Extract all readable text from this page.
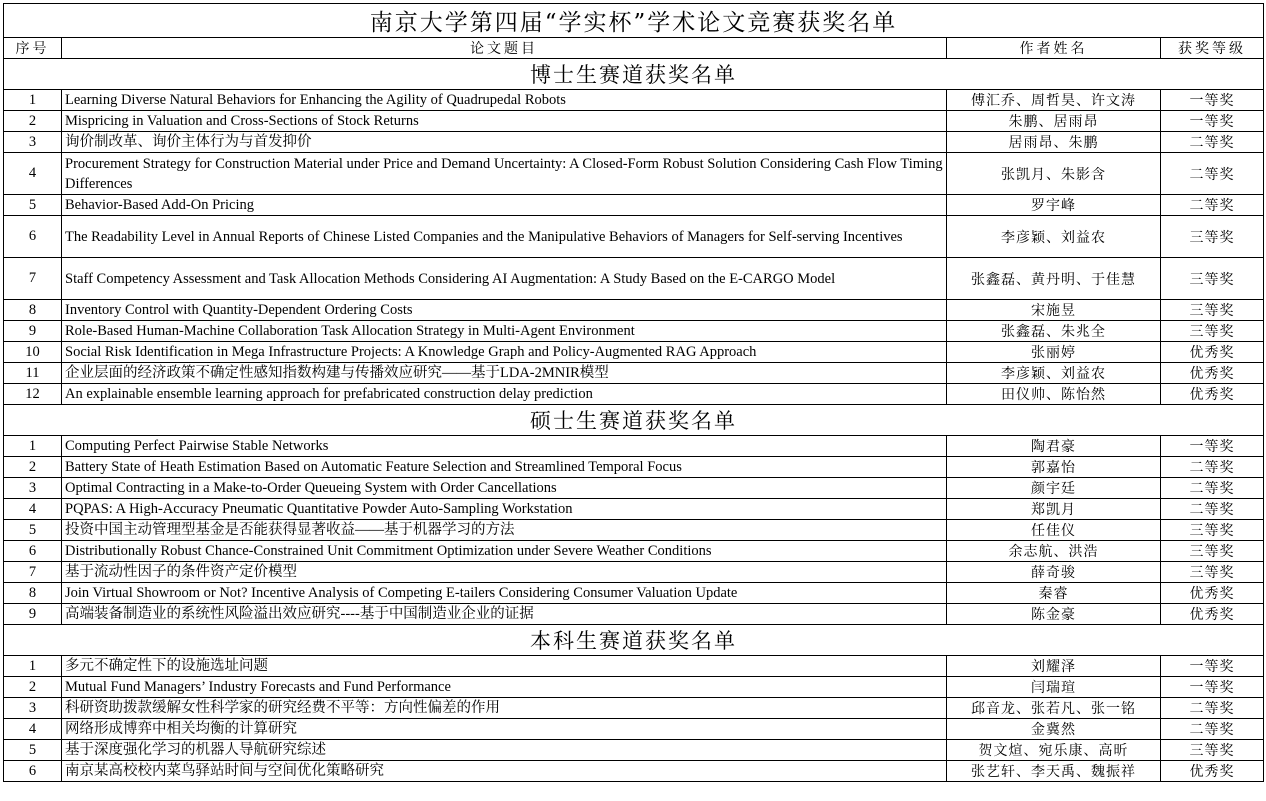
南京大学第四届“学实杯”学术论文竞赛获奖名单			
序号	论文题目	作者姓名	获奖等级
博士生赛道获奖名单			
1	Learning Diverse Natural Behaviors for Enhancing the Agility of Quadrupedal Robots	傅汇乔、周哲昊、许文涛	一等奖
2	Mispricing in Valuation and Cross-Sections of Stock Returns	朱鹏、居雨昂	一等奖
3	询价制改革、询价主体行为与首发抑价	居雨昂、朱鹏	二等奖
4	Procurement Strategy for Construction Material under Price and Demand Uncertainty: A Closed-Form Robust Solution Considering Cash Flow Timing Differences	张凯月、朱影含	二等奖
5	Behavior-Based Add-On Pricing	罗宇峰	二等奖
6	The Readability Level in Annual Reports of Chinese Listed Companies and the Manipulative Behaviors of Managers for Self-serving Incentives	李彦颖、刘益农	三等奖
7	Staff Competency Assessment and Task Allocation Methods Considering AI Augmentation: A Study Based on the E-CARGO Model	张鑫磊、黄丹明、于佳慧	三等奖
8	Inventory Control with Quantity-Dependent Ordering Costs	宋施昱	三等奖
9	Role-Based Human-Machine Collaboration Task Allocation Strategy in Multi-Agent Environment	张鑫磊、朱兆全	三等奖
10	Social Risk Identification in Mega Infrastructure Projects: A Knowledge Graph and Policy-Augmented RAG Approach	张丽婷	优秀奖
11	企业层面的经济政策不确定性感知指数构建与传播效应研究——基于LDA-2MNIR模型	李彦颖、刘益农	优秀奖
12	An explainable ensemble learning approach for prefabricated construction delay prediction	田仪帅、陈怡然	优秀奖
硕士生赛道获奖名单			
1	Computing Perfect Pairwise Stable Networks	陶君豪	一等奖
2	Battery State of Heath Estimation Based on Automatic Feature Selection and Streamlined Temporal Focus	郭嘉怡	二等奖
3	Optimal Contracting in a Make-to-Order Queueing System with Order Cancellations	颜宇廷	二等奖
4	PQPAS: A High-Accuracy Pneumatic Quantitative Powder Auto-Sampling Workstation	郑凯月	二等奖
5	投资中国主动管理型基金是否能获得显著收益——基于机器学习的方法	任佳仪	三等奖
6	Distributionally Robust Chance-Constrained Unit Commitment Optimization under Severe Weather Conditions	余志航、洪浩	三等奖
7	基于流动性因子的条件资产定价模型	薛奇骏	三等奖
8	Join Virtual Showroom or Not? Incentive Analysis of Competing E-tailers Considering Consumer Valuation Update	秦睿	优秀奖
9	高端装备制造业的系统性风险溢出效应研究----基于中国制造业企业的证据	陈金豪	优秀奖
本科生赛道获奖名单			
1	多元不确定性下的设施选址问题	刘耀泽	一等奖
2	Mutual Fund Managers’ Industry Forecasts and Fund Performance	闫瑞瑄	一等奖
3	科研资助拨款缓解女性科学家的研究经费不平等：方向性偏差的作用	邱音龙、张若凡、张一铭	二等奖
4	网络形成博弈中相关均衡的计算研究	金冀然	二等奖
5	基于深度强化学习的机器人导航研究综述	贺文煊、宛乐康、高昕	三等奖
6	南京某高校校内菜鸟驿站时间与空间优化策略研究	张艺轩、李天禹、魏振祥	优秀奖
